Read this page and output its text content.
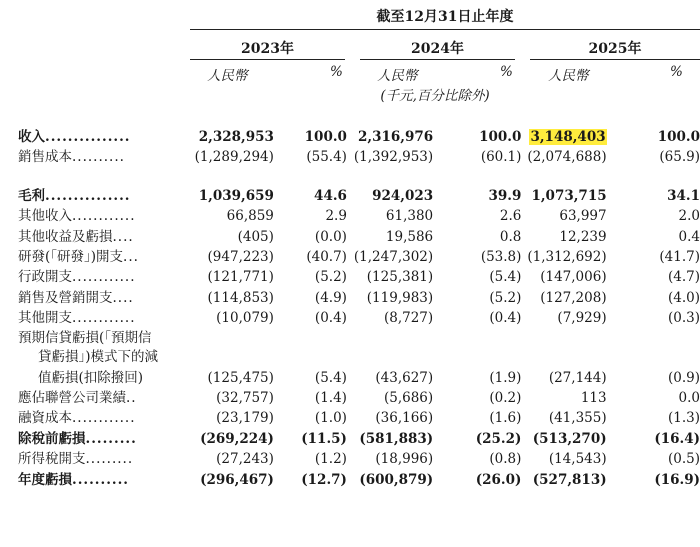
截至12月31日止年度
2023年	2024年	2025年
人民幣	%	人民幣	%	人民幣	%
(千元,百分比除外)
收入...............	2,328,953	100.0	2,316,976	100.0	3,148,403	100.0
銷售成本..........	(1,289,294)	(55.4)	(1,392,953)	(60.1)	(2,074,688)	(65.9)

毛利...............	1,039,659	44.6	924,023	39.9	1,073,715	34.1
其他收入............	66,859	2.9	61,380	2.6	63,997	2.0
其他收益及虧損....	(405)	(0.0)	19,586	0.8	12,239	0.4
研發(「研發」)開支...	(947,223)	(40.7)	(1,247,302)	(53.8)	(1,312,692)	(41.7)
行政開支............	(121,771)	(5.2)	(125,381)	(5.4)	(147,006)	(4.7)
銷售及營銷開支....	(114,853)	(4.9)	(119,983)	(5.2)	(127,208)	(4.0)
其他開支............	(10,079)	(0.4)	(8,727)	(0.4)	(7,929)	(0.3)
預期信貸虧損(「預期信						
貸虧損」)模式下的減						
值虧損(扣除撥回)	(125,475)	(5.4)	(43,627)	(1.9)	(27,144)	(0.9)
應佔聯營公司業績..	(32,757)	(1.4)	(5,686)	(0.2)	113	0.0
融資成本............	(23,179)	(1.0)	(36,166)	(1.6)	(41,355)	(1.3)
除稅前虧損.........	(269,224)	(11.5)	(581,883)	(25.2)	(513,270)	(16.4)
所得稅開支.........	(27,243)	(1.2)	(18,996)	(0.8)	(14,543)	(0.5)
年度虧損..........	(296,467)	(12.7)	(600,879)	(26.0)	(527,813)	(16.9)
